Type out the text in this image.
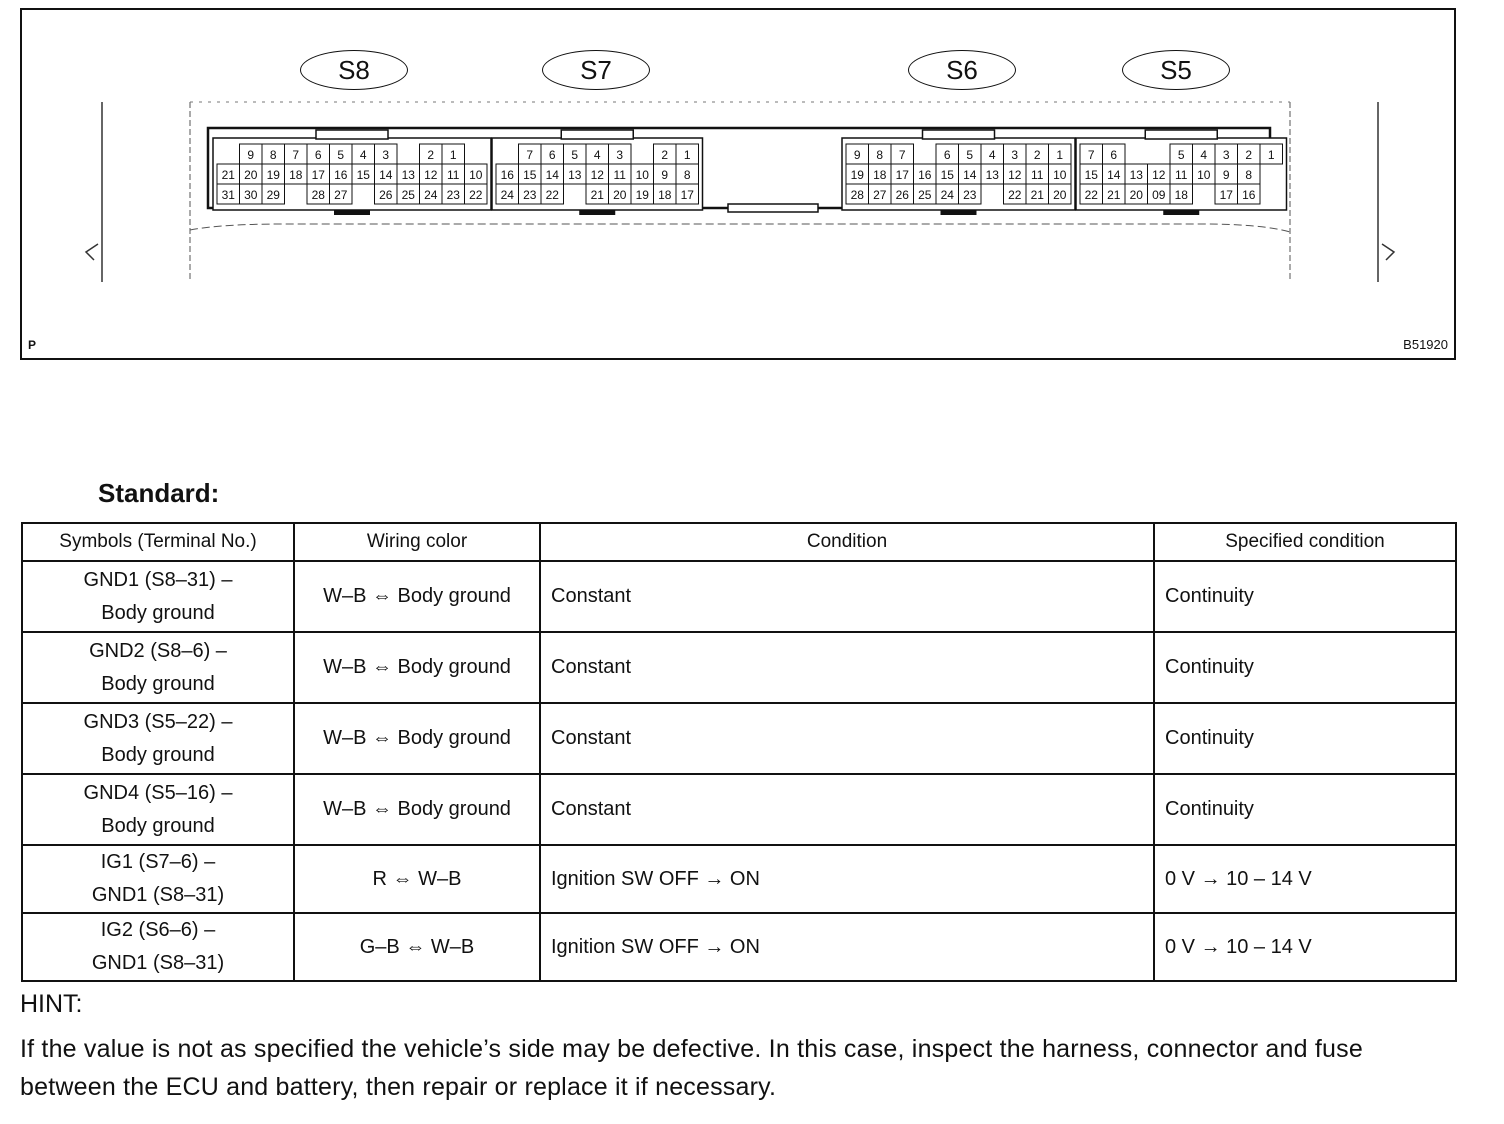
9 8 7 6 5 4 3	2 1
21 20 19 18 17 16 15 14 13 12 11 10
31 30 29	28 27	26 25 24 23 22
7 6 5 4 3	2 1
16 15 14 13 12 11 10 9 8
24 23 22	21 20 19 18 17
9 8 7	6 5 4 3 2 1
19 18 17 16 15 14 13 12 11 10
28 27 26 25 24 23	22 21 20
7 6	5 4 3 2 1
15 14 13 12 11 10 9 8
22 21 20 09 18	17 16
S8	S7	S6	S5
P	B51920
Standard:
Symbols (Terminal No.)	Wiring color	Condition	Specified condition
GND1 (S8–31) –
Body ground	W–B ⇔ Body ground	Constant	Continuity
GND2 (S8–6) –
Body ground	W–B ⇔ Body ground	Constant	Continuity
GND3 (S5–22) –
Body ground	W–B ⇔ Body ground	Constant	Continuity
GND4 (S5–16) –
Body ground	W–B ⇔ Body ground	Constant	Continuity
IG1 (S7–6) –
GND1 (S8–31)	R ⇔ W–B	Ignition SW OFF → ON	0 V → 10 – 14 V
IG2 (S6–6) –
GND1 (S8–31)	G–B ⇔ W–B	Ignition SW OFF → ON	0 V → 10 – 14 V
HINT:
If the value is not as specified the vehicle’s side may be defective. In this case, inspect the harness, connector and fuse between the ECU and battery, then repair or replace it if necessary.
